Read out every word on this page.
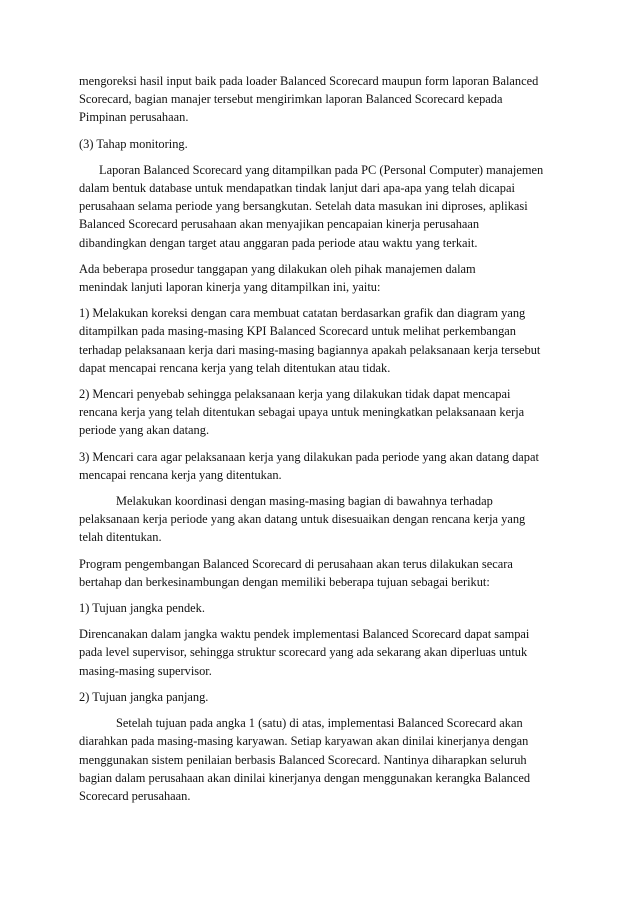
mengoreksi hasil input baik pada loader Balanced Scorecard maupun form laporan Balanced
Scorecard, bagian manajer tersebut mengirimkan laporan Balanced Scorecard kepada
Pimpinan perusahaan.

(3) Tahap monitoring.

Laporan Balanced Scorecard yang ditampilkan pada PC (Personal Computer) manajemen
dalam bentuk database untuk mendapatkan tindak lanjut dari apa-apa yang telah dicapai
perusahaan selama periode yang bersangkutan. Setelah data masukan ini diproses, aplikasi
Balanced Scorecard perusahaan akan menyajikan pencapaian kinerja perusahaan
dibandingkan dengan target atau anggaran pada periode atau waktu yang terkait.

Ada beberapa prosedur tanggapan yang dilakukan oleh pihak manajemen dalam
menindak lanjuti laporan kinerja yang ditampilkan ini, yaitu:

1) Melakukan koreksi dengan cara membuat catatan berdasarkan grafik dan diagram yang
ditampilkan pada masing-masing KPI Balanced Scorecard untuk melihat perkembangan
terhadap pelaksanaan kerja dari masing-masing bagiannya apakah pelaksanaan kerja tersebut
dapat mencapai rencana kerja yang telah ditentukan atau tidak.

2) Mencari penyebab sehingga pelaksanaan kerja yang dilakukan tidak dapat mencapai
rencana kerja yang telah ditentukan sebagai upaya untuk meningkatkan pelaksanaan kerja
periode yang akan datang.

3) Mencari cara agar pelaksanaan kerja yang dilakukan pada periode yang akan datang dapat
mencapai rencana kerja yang ditentukan.

Melakukan koordinasi dengan masing-masing bagian di bawahnya terhadap
pelaksanaan kerja periode yang akan datang untuk disesuaikan dengan rencana kerja yang
telah ditentukan.

Program pengembangan Balanced Scorecard di perusahaan akan terus dilakukan secara
bertahap dan berkesinambungan dengan memiliki beberapa tujuan sebagai berikut:

1) Tujuan jangka pendek.

Direncanakan dalam jangka waktu pendek implementasi Balanced Scorecard dapat sampai
pada level supervisor, sehingga struktur scorecard yang ada sekarang akan diperluas untuk
masing-masing supervisor.

2) Tujuan jangka panjang.

Setelah tujuan pada angka 1 (satu) di atas, implementasi Balanced Scorecard akan
diarahkan pada masing-masing karyawan. Setiap karyawan akan dinilai kinerjanya dengan
menggunakan sistem penilaian berbasis Balanced Scorecard. Nantinya diharapkan seluruh
bagian dalam perusahaan akan dinilai kinerjanya dengan menggunakan kerangka Balanced
Scorecard perusahaan.
